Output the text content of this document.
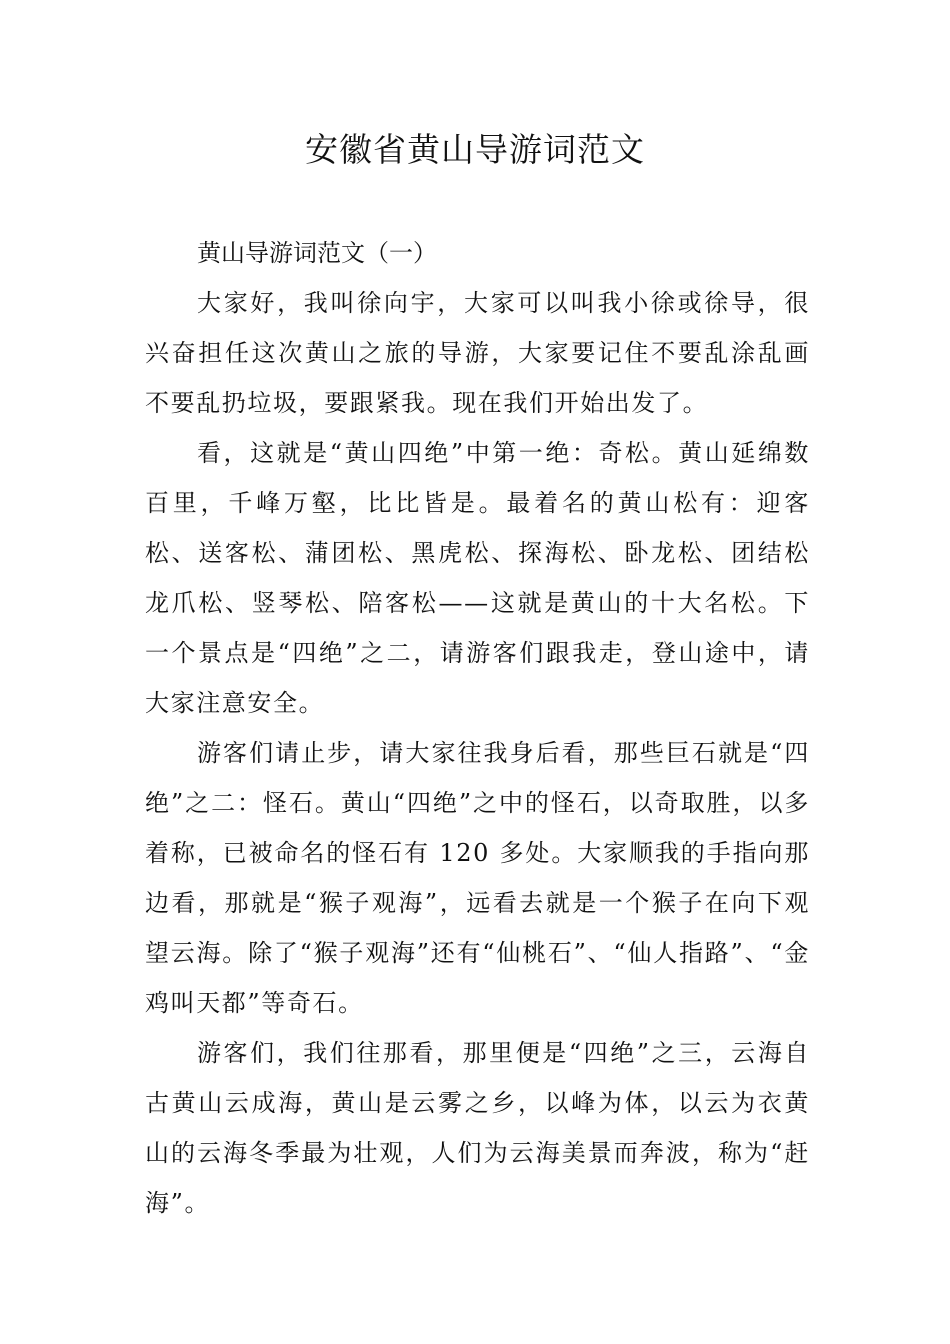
安徽省黄山导游词范文

黄山导游词范文（一）

大家好，我叫徐向宇，大家可以叫我小徐或徐导，很兴奋担任这次黄山之旅的导游，大家要记住不要乱涂乱画不要乱扔垃圾，要跟紧我。现在我们开始出发了。

看，这就是“黄山四绝”中第一绝：奇松。黄山延绵数百里，千峰万壑，比比皆是。最着名的黄山松有：迎客松、送客松、蒲团松、黑虎松、探海松、卧龙松、团结松龙爪松、竖琴松、陪客松——这就是黄山的十大名松。下一个景点是“四绝”之二，请游客们跟我走，登山途中，请大家注意安全。

游客们请止步，请大家往我身后看，那些巨石就是“四绝”之二：怪石。黄山“四绝”之中的怪石，以奇取胜，以多着称，已被命名的怪石有 120 多处。大家顺我的手指向那边看，那就是“猴子观海”，远看去就是一个猴子在向下观望云海。除了“猴子观海”还有“仙桃石”、“仙人指路”、“金鸡叫天都”等奇石。

游客们，我们往那看，那里便是“四绝”之三，云海自古黄山云成海，黄山是云雾之乡，以峰为体，以云为衣黄山的云海冬季最为壮观，人们为云海美景而奔波，称为“赶海”。
